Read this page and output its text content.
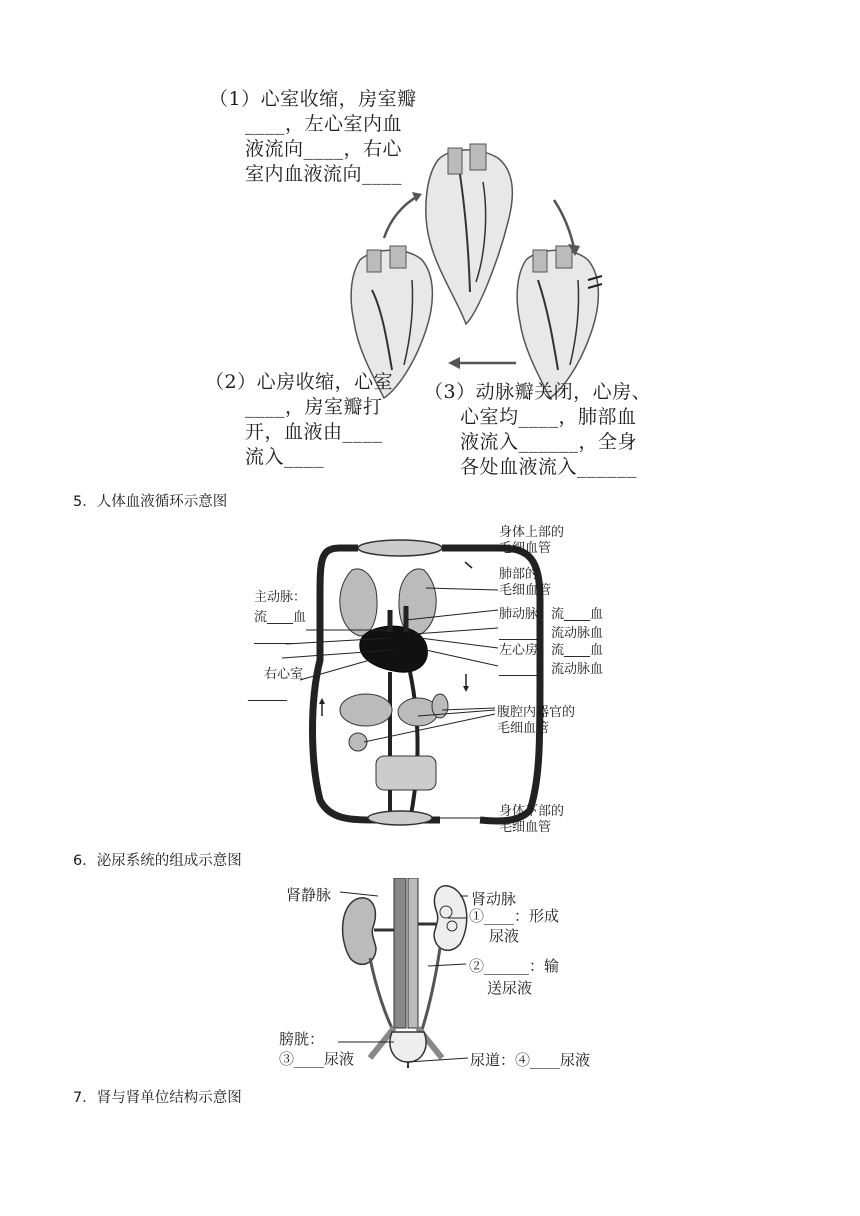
（1）心室收缩，房室瓣
____，左心室内血
液流向____，右心
室内血液流向____
（2）心房收缩，心室
____，房室瓣打
开，血液由____
流入____
（3）动脉瓣关闭，心房、
心室均____，肺部血
液流入______，全身
各处血液流入______
5．人体血液循环示意图
身体上部的
毛细血管
肺部的
毛细血管
肺动脉：流____血
______：流动脉血
左心房：流____血
______：流动脉血
腹腔内器官的
毛细血管
身体下部的
毛细血管
主动脉：
流____血
______
右心室
______
6．泌尿系统的组成示意图
肾静脉	肾动脉
①____：形成
尿液
②______：输
送尿液
膀胱：
③____尿液	尿道：④____尿液
7．肾与肾单位结构示意图
